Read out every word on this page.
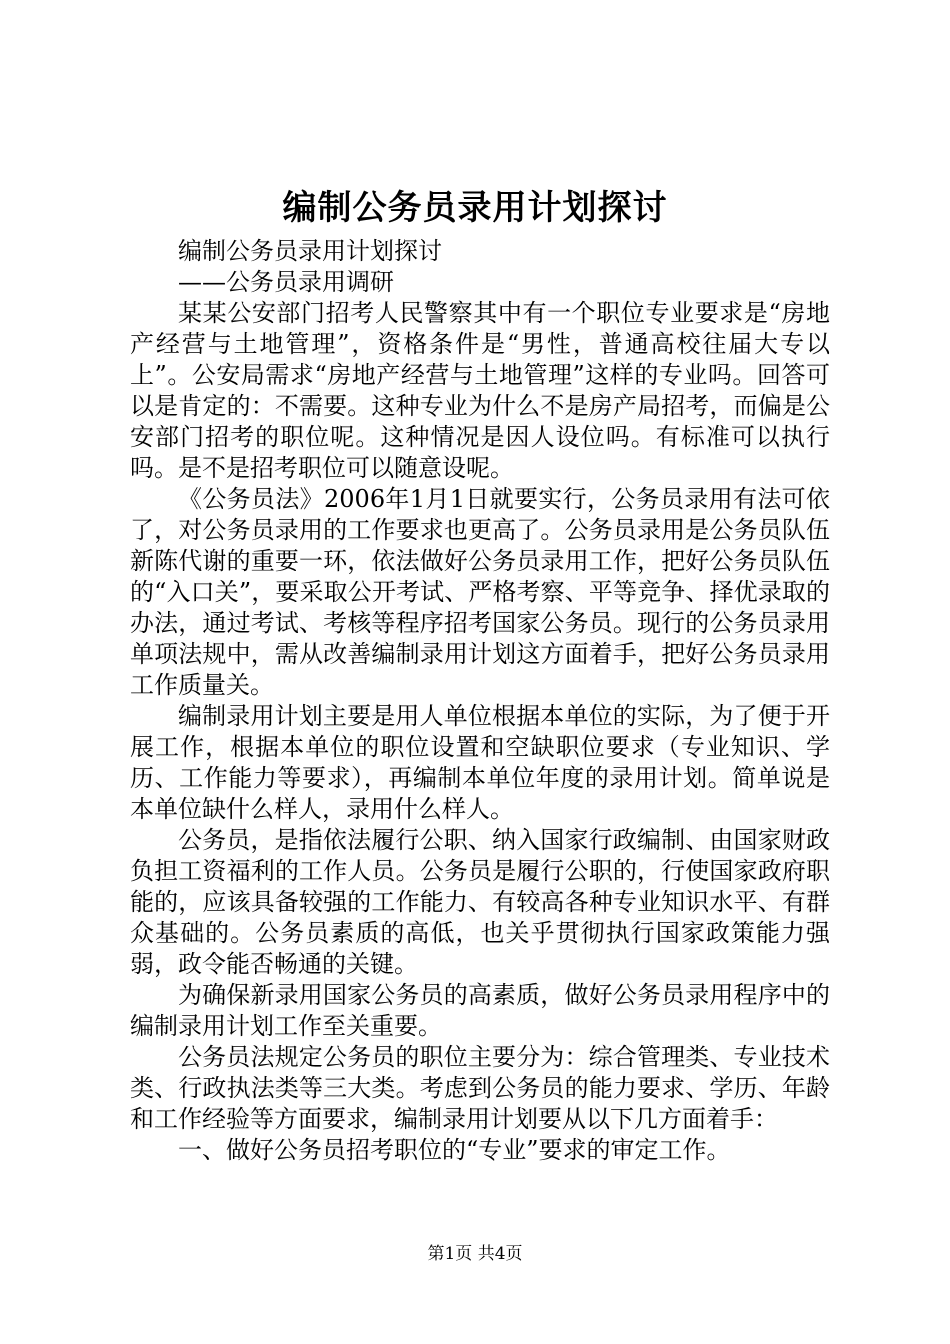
编制公务员录用计划探讨

编制公务员录用计划探讨

——公务员录用调研

某某公安部门招考人民警察其中有一个职位专业要求是“房地产经营与土地管理”，资格条件是“男性，普通高校往届大专以上”。公安局需求“房地产经营与土地管理”这样的专业吗。回答可以是肯定的：不需要。这种专业为什么不是房产局招考，而偏是公安部门招考的职位呢。这种情况是因人设位吗。有标准可以执行吗。是不是招考职位可以随意设呢。

《公务员法》2006年1月1日就要实行，公务员录用有法可依了，对公务员录用的工作要求也更高了。公务员录用是公务员队伍新陈代谢的重要一环，依法做好公务员录用工作，把好公务员队伍的“入口关”，要采取公开考试、严格考察、平等竞争、择优录取的办法，通过考试、考核等程序招考国家公务员。现行的公务员录用单项法规中，需从改善编制录用计划这方面着手，把好公务员录用工作质量关。

编制录用计划主要是用人单位根据本单位的实际，为了便于开展工作，根据本单位的职位设置和空缺职位要求（专业知识、学历、工作能力等要求），再编制本单位年度的录用计划。简单说是本单位缺什么样人，录用什么样人。

公务员，是指依法履行公职、纳入国家行政编制、由国家财政负担工资福利的工作人员。公务员是履行公职的，行使国家政府职能的，应该具备较强的工作能力、有较高各种专业知识水平、有群众基础的。公务员素质的高低，也关乎贯彻执行国家政策能力强弱，政令能否畅通的关键。

为确保新录用国家公务员的高素质，做好公务员录用程序中的编制录用计划工作至关重要。

公务员法规定公务员的职位主要分为：综合管理类、专业技术类、行政执法类等三大类。考虑到公务员的能力要求、学历、年龄和工作经验等方面要求，编制录用计划要从以下几方面着手：

一、做好公务员招考职位的“专业”要求的审定工作。

第1页 共4页
